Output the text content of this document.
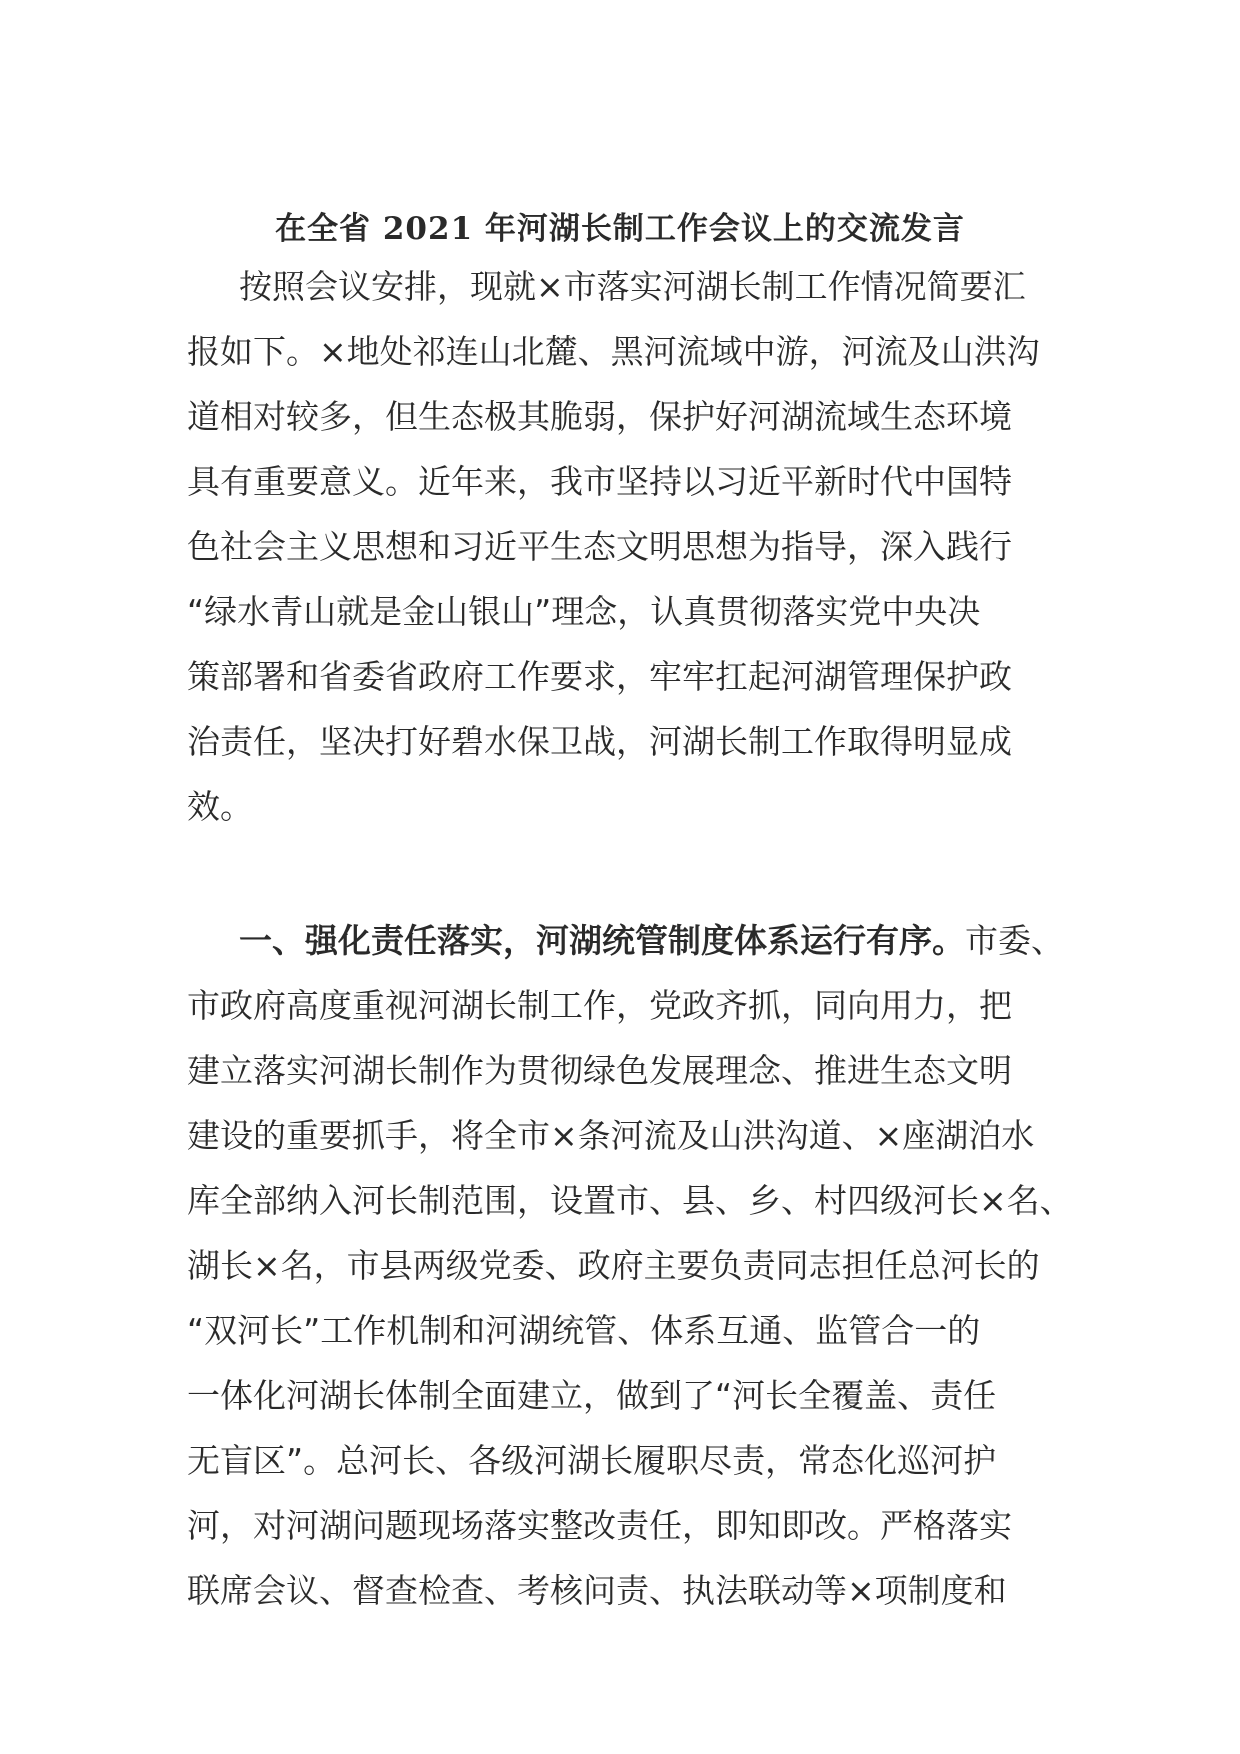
在全省 2021 年河湖长制工作会议上的交流发言
按照会议安排，现就×市落实河湖长制工作情况简要汇
报如下。×地处祁连山北麓、黑河流域中游，河流及山洪沟
道相对较多，但生态极其脆弱，保护好河湖流域生态环境
具有重要意义。近年来，我市坚持以习近平新时代中国特
色社会主义思想和习近平生态文明思想为指导，深入践行
“绿水青山就是金山银山”理念，认真贯彻落实党中央决
策部署和省委省政府工作要求，牢牢扛起河湖管理保护政
治责任，坚决打好碧水保卫战，河湖长制工作取得明显成
效。
一、强化责任落实，河湖统管制度体系运行有序。市委、
市政府高度重视河湖长制工作，党政齐抓，同向用力，把
建立落实河湖长制作为贯彻绿色发展理念、推进生态文明
建设的重要抓手，将全市×条河流及山洪沟道、×座湖泊水
库全部纳入河长制范围，设置市、县、乡、村四级河长×名、
湖长×名，市县两级党委、政府主要负责同志担任总河长的
“双河长”工作机制和河湖统管、体系互通、监管合一的
一体化河湖长体制全面建立，做到了“河长全覆盖、责任
无盲区”。总河长、各级河湖长履职尽责，常态化巡河护
河，对河湖问题现场落实整改责任，即知即改。严格落实
联席会议、督查检查、考核问责、执法联动等×项制度和
